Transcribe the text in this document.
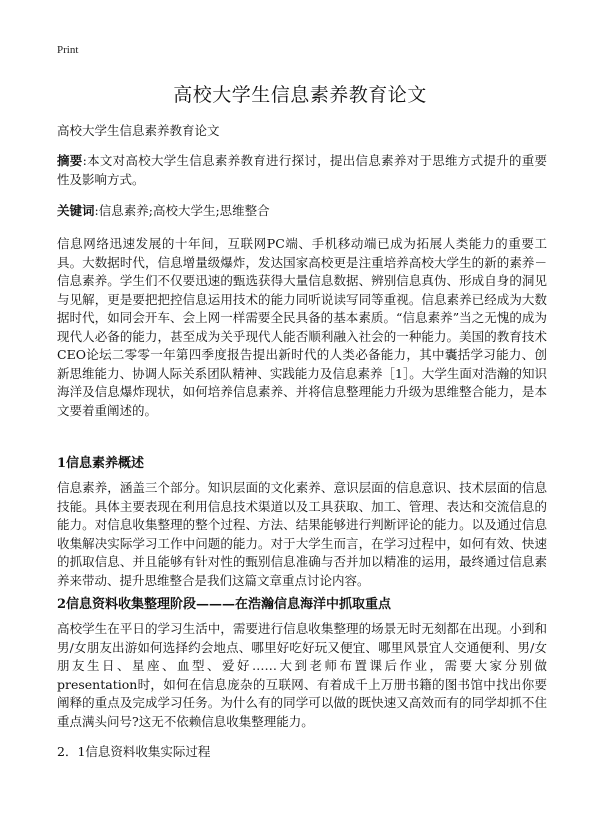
Print
高校大学生信息素养教育论文
高校大学生信息素养教育论文
摘要:本文对高校大学生信息素养教育进行探讨，提出信息素养对于思维方式提升的重要性及影响方式。
关键词:信息素养;高校大学生;思维整合
信息网络迅速发展的十年间，互联网PC端、手机移动端已成为拓展人类能力的重要工具。大数据时代，信息增量级爆炸，发达国家高校更是注重培养高校大学生的新的素养－信息素养。学生们不仅要迅速的甄选获得大量信息数据、辨别信息真伪、形成自身的洞见与见解，更是要把把控信息运用技术的能力同听说读写同等重视。信息素养已经成为大数据时代，如同会开车、会上网一样需要全民具备的基本素质。“信息素养”当之无愧的成为现代人必备的能力，甚至成为关乎现代人能否顺利融入社会的一种能力。美国的教育技术CEO论坛二零零一年第四季度报告提出新时代的人类必备能力，其中囊括学习能力、创新思维能力、协调人际关系团队精神、实践能力及信息素养［1］。大学生面对浩瀚的知识海洋及信息爆炸现状，如何培养信息素养、并将信息整理能力升级为思维整合能力，是本文要着重阐述的。
1信息素养概述
信息素养，涵盖三个部分。知识层面的文化素养、意识层面的信息意识、技术层面的信息技能。具体主要表现在利用信息技术渠道以及工具获取、加工、管理、表达和交流信息的能力。对信息收集整理的整个过程、方法、结果能够进行判断评论的能力。以及通过信息收集解决实际学习工作中问题的能力。对于大学生而言，在学习过程中，如何有效、快速的抓取信息、并且能够有针对性的甄别信息准确与否并加以精准的运用，最终通过信息素养来带动、提升思维整合是我们这篇文章重点讨论内容。
2信息资料收集整理阶段———在浩瀚信息海洋中抓取重点
高校学生在平日的学习生活中，需要进行信息收集整理的场景无时无刻都在出现。小到和男/女朋友出游如何选择约会地点、哪里好吃好玩又便宜、哪里风景宜人交通便利、男/女朋友生日、星座、血型、爱好……大到老师布置课后作业，需要大家分别做presentation时，如何在信息庞杂的互联网、有着成千上万册书籍的图书馆中找出你要阐释的重点及完成学习任务。为什么有的同学可以做的既快速又高效而有的同学却抓不住重点满头问号?这无不依赖信息收集整理能力。
2．1信息资料收集实际过程
